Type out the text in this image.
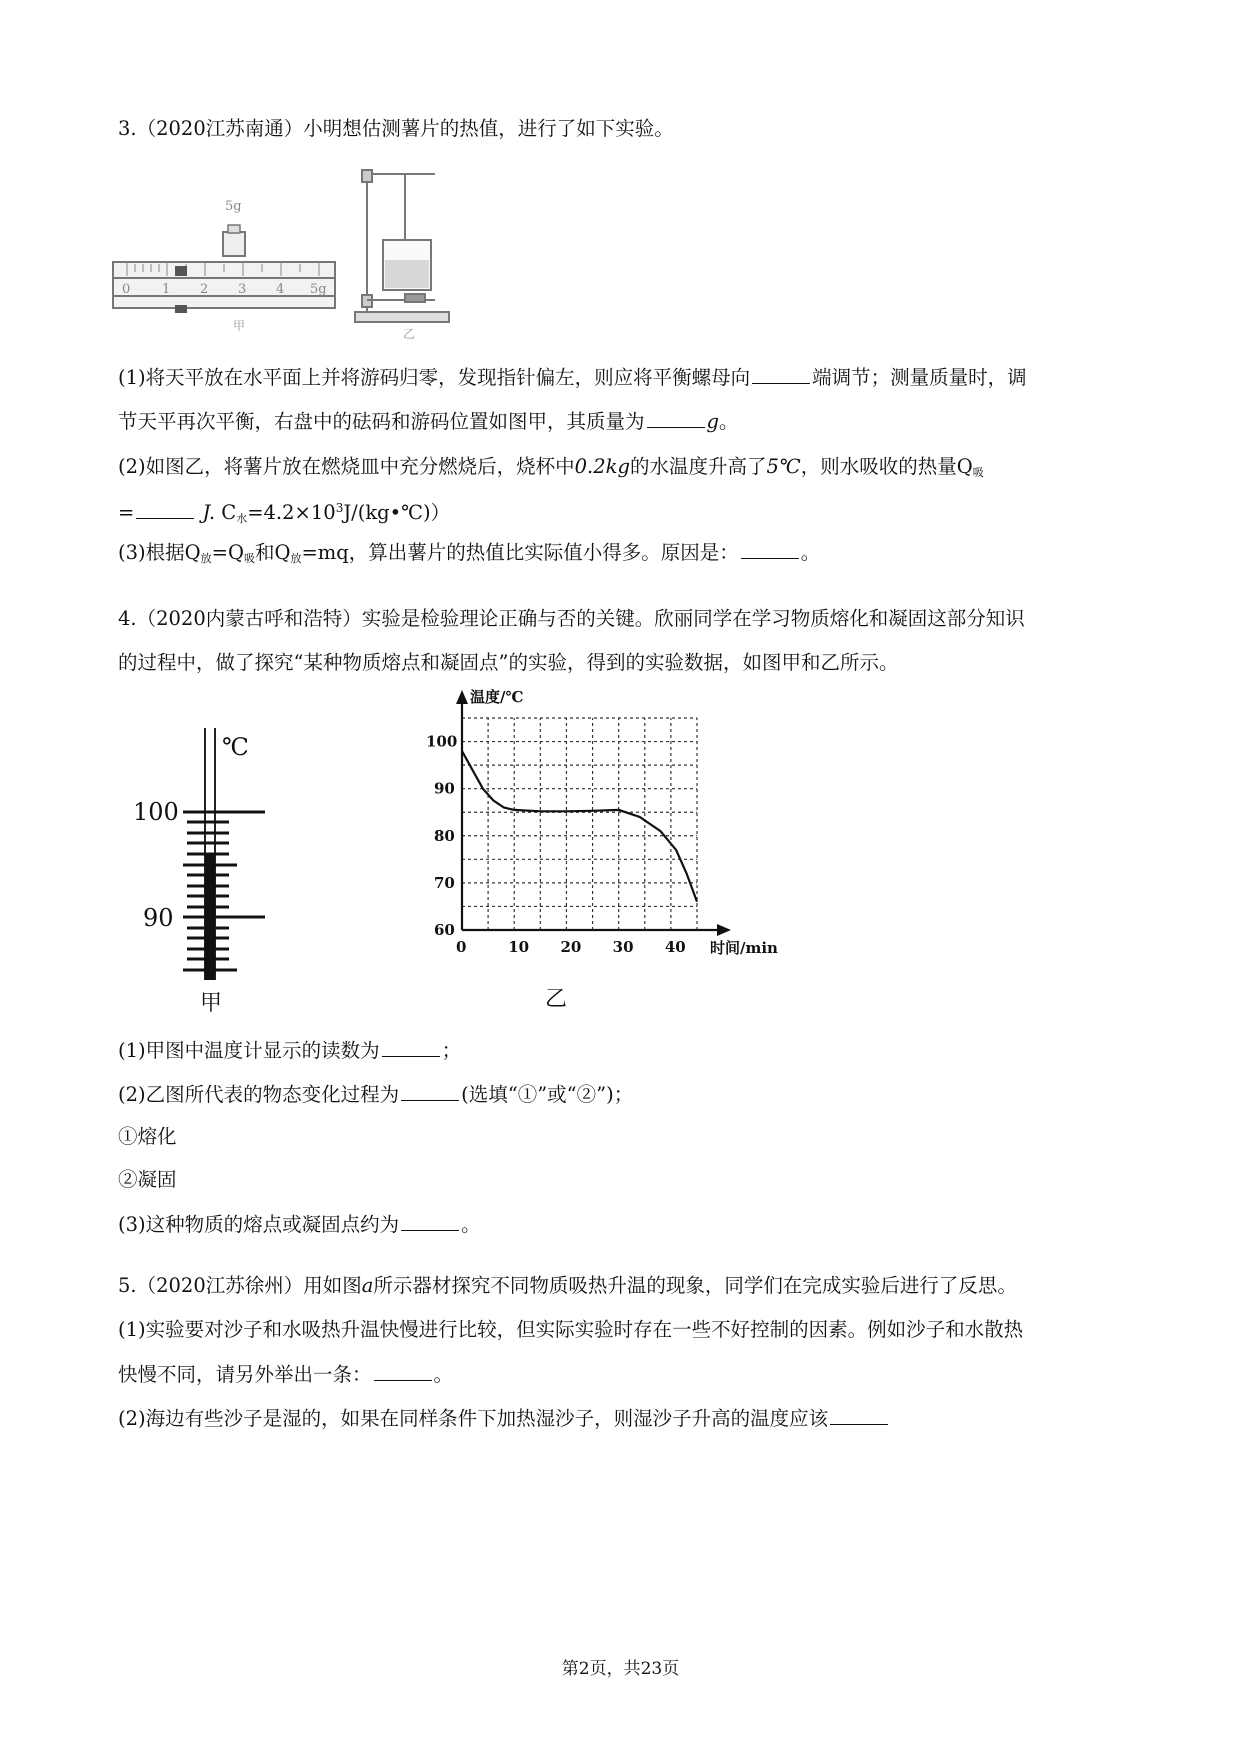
3.（2020江苏南通）小明想估测薯片的热值，进行了如下实验。
0 1 2 3 4 5g
5g
甲
乙
(1)将天平放在水平面上并将游码归零，发现指针偏左，则应将平衡螺母向	端调节；测量质量时，调
节天平再次平衡，右盘中的砝码和游码位置如图甲，其质量为	g。
(2)如图乙，将薯片放在燃烧皿中充分燃烧后，烧杯中0.2kg的水温度升高了5℃，则水吸收的热量$Q_吸$
=	J. $C_水=4.2\times 10^3J/(kg•℃)$）
(3)根据$Q_放=Q_吸$和$Q_放=mq$，算出薯片的热值比实际值小得多。原因是：	。
4.（2020内蒙古呼和浩特）实验是检验理论正确与否的关键。欣丽同学在学习物质熔化和凝固这部分知识
的过程中，做了探究“某种物质熔点和凝固点”的实验，得到的实验数据，如图甲和乙所示。
℃
100
90
甲
0	10 20 30 40
60
70
80
90
100
温度/℃
时间/min
乙
(1)甲图中温度计显示的读数为	；
(2)乙图所代表的物态变化过程为	(选填“①”或“②”)；
①熔化
②凝固
(3)这种物质的熔点或凝固点约为	。
5.（2020江苏徐州）用如图a所示器材探究不同物质吸热升温的现象，同学们在完成实验后进行了反思。
(1)实验要对沙子和水吸热升温快慢进行比较，但实际实验时存在一些不好控制的因素。例如沙子和水散热
快慢不同，请另外举出一条：	。
(2)海边有些沙子是湿的，如果在同样条件下加热湿沙子，则湿沙子升高的温度应该
第2页，共23页
